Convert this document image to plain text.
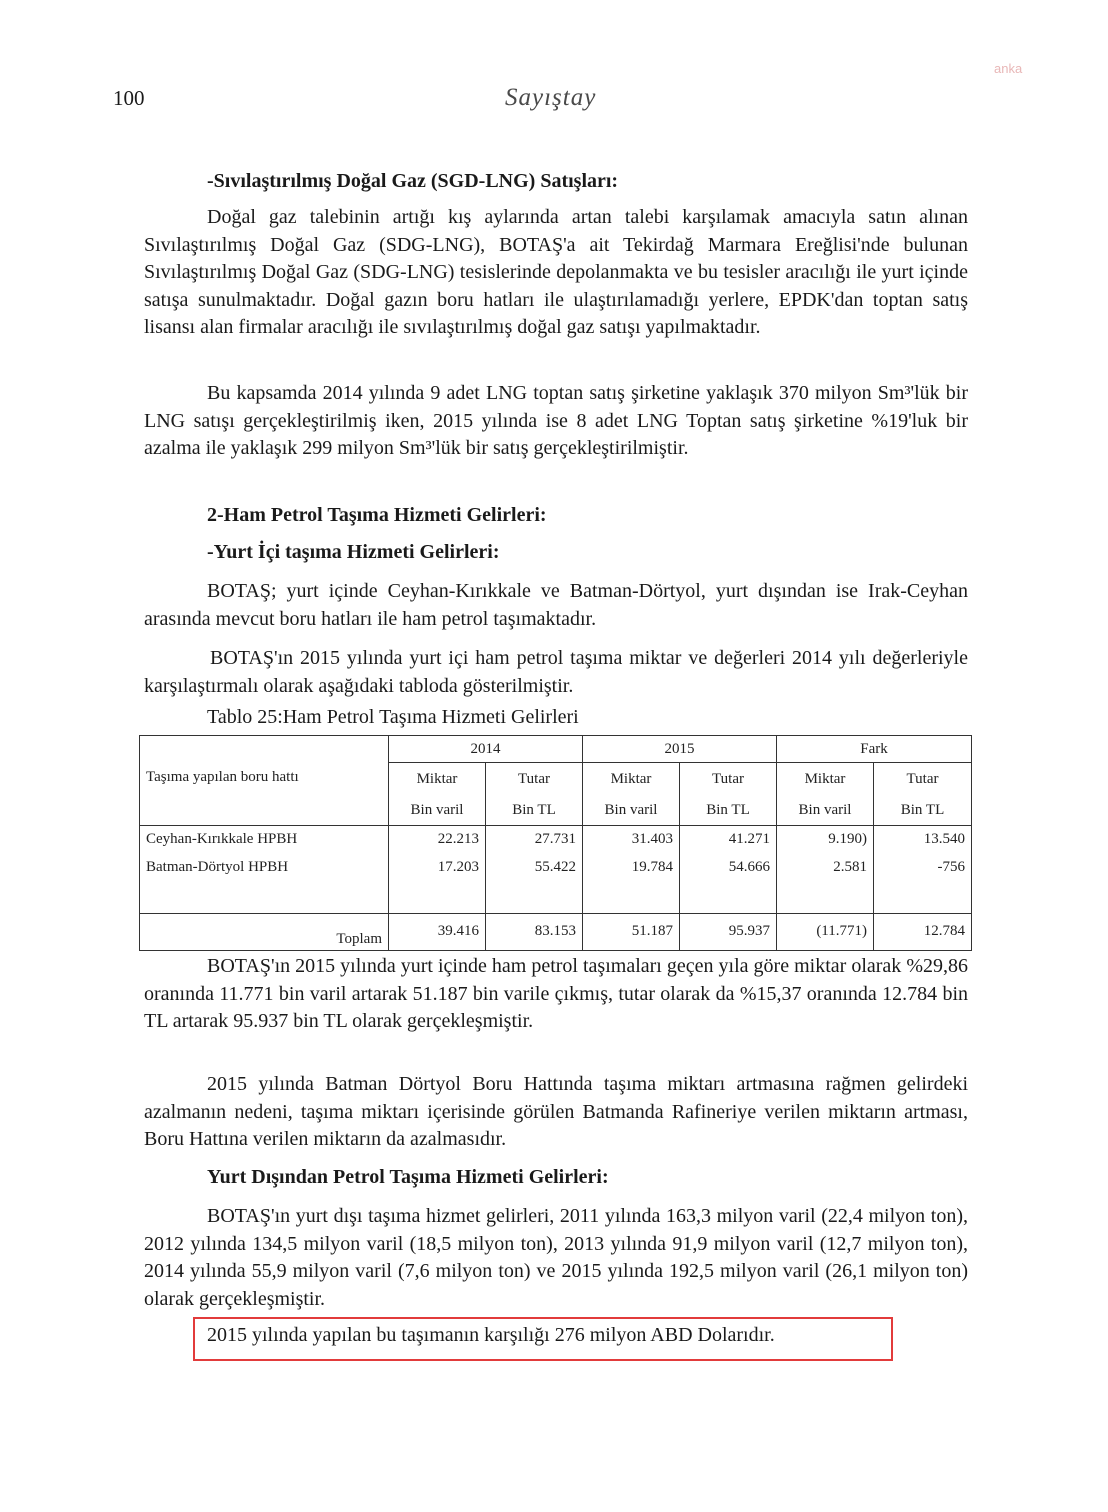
100	Sayıştay
anka
-Sıvılaştırılmış Doğal Gaz (SGD-LNG) Satışları:
Doğal gaz talebinin artığı kış aylarında artan talebi karşılamak amacıyla satın alınan Sıvılaştırılmış Doğal Gaz (SDG-LNG), BOTAŞ'a ait Tekirdağ Marmara Ereğlisi'nde bulunan Sıvılaştırılmış Doğal Gaz (SDG-LNG) tesislerinde depolanmakta ve bu tesisler aracılığı ile yurt içinde satışa sunulmaktadır. Doğal gazın boru hatları ile ulaştırılamadığı yerlere, EPDK'dan toptan satış lisansı alan firmalar aracılığı ile sıvılaştırılmış doğal gaz satışı yapılmaktadır.
Bu kapsamda 2014 yılında 9 adet LNG toptan satış şirketine yaklaşık 370 milyon Sm³'lük bir LNG satışı gerçekleştirilmiş iken, 2015 yılında ise 8 adet LNG Toptan satış şirketine %19'luk bir azalma ile yaklaşık 299 milyon Sm³'lük bir satış gerçekleştirilmiştir.
2-Ham Petrol Taşıma Hizmeti Gelirleri:
-Yurt İçi taşıma Hizmeti Gelirleri:
BOTAŞ; yurt içinde Ceyhan-Kırıkkale ve Batman-Dörtyol, yurt dışından ise Irak-Ceyhan arasında mevcut boru hatları ile ham petrol taşımaktadır.
BOTAŞ'ın 2015 yılında yurt içi ham petrol taşıma miktar ve değerleri 2014 yılı değerleriyle karşılaştırmalı olarak aşağıdaki tabloda gösterilmiştir.
Tablo 25:Ham Petrol Taşıma Hizmeti Gelirleri
	2014		2015		Fark	
Taşıma yapılan boru hattı	Miktar	Tutar	Miktar	Tutar	Miktar	Tutar
	Bin varil	Bin TL	Bin varil	Bin TL	Bin varil	Bin TL
Ceyhan-Kırıkkale HPBH	22.213	27.731	31.403	41.271	9.190)	13.540
Batman-Dörtyol HPBH	17.203	55.422	19.784	54.666	2.581	-756

Toplam	39.416	83.153	51.187	95.937	(11.771)	12.784
BOTAŞ'ın 2015 yılında yurt içinde ham petrol taşımaları geçen yıla göre miktar olarak %29,86 oranında 11.771 bin varil artarak 51.187 bin varile çıkmış, tutar olarak da %15,37 oranında 12.784 bin TL artarak 95.937 bin TL olarak gerçekleşmiştir.
2015 yılında Batman Dörtyol Boru Hattında taşıma miktarı artmasına rağmen gelirdeki azalmanın nedeni, taşıma miktarı içerisinde görülen Batmanda Rafineriye verilen miktarın artması, Boru Hattına verilen miktarın da azalmasıdır.
Yurt Dışından Petrol Taşıma Hizmeti Gelirleri:
BOTAŞ'ın yurt dışı taşıma hizmet gelirleri, 2011 yılında 163,3 milyon varil (22,4 milyon ton), 2012 yılında 134,5 milyon varil (18,5 milyon ton), 2013 yılında 91,9 milyon varil (12,7 milyon ton), 2014 yılında 55,9 milyon varil (7,6 milyon ton) ve 2015 yılında 192,5 milyon varil (26,1 milyon ton) olarak gerçekleşmiştir.
2015 yılında yapılan bu taşımanın karşılığı 276 milyon ABD Dolarıdır.
